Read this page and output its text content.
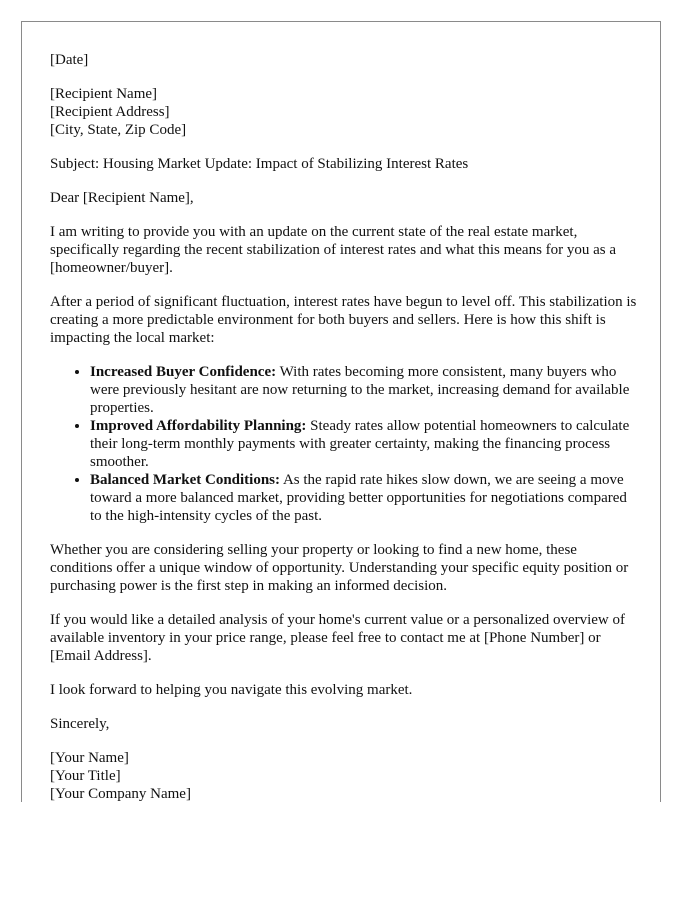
[Date]

[Recipient Name]
[Recipient Address]
[City, State, Zip Code]

Subject: Housing Market Update: Impact of Stabilizing Interest Rates

Dear [Recipient Name],

I am writing to provide you with an update on the current state of the real estate market, specifically regarding the recent stabilization of interest rates and what this means for you as a [homeowner/buyer].

After a period of significant fluctuation, interest rates have begun to level off. This stabilization is creating a more predictable environment for both buyers and sellers. Here is how this shift is impacting the local market:

• Increased Buyer Confidence: With rates becoming more consistent, many buyers who were previously hesitant are now returning to the market, increasing demand for available properties.
• Improved Affordability Planning: Steady rates allow potential homeowners to calculate their long-term monthly payments with greater certainty, making the financing process smoother.
• Balanced Market Conditions: As the rapid rate hikes slow down, we are seeing a move toward a more balanced market, providing better opportunities for negotiations compared to the high-intensity cycles of the past.

Whether you are considering selling your property or looking to find a new home, these conditions offer a unique window of opportunity. Understanding your specific equity position or purchasing power is the first step in making an informed decision.

If you would like a detailed analysis of your home's current value or a personalized overview of available inventory in your price range, please feel free to contact me at [Phone Number] or [Email Address].

I look forward to helping you navigate this evolving market.

Sincerely,

[Your Name]
[Your Title]
[Your Company Name]
